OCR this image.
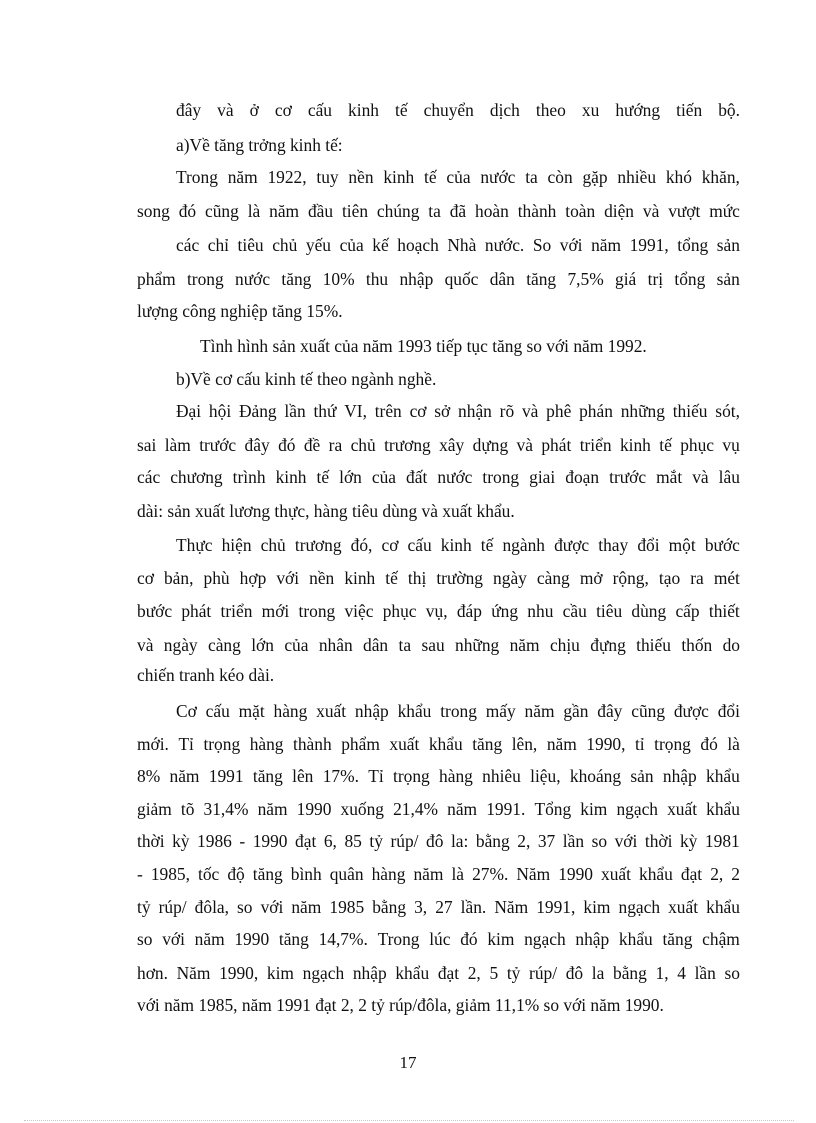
đây và ở cơ cấu kinh tế chuyển dịch theo xu hướng tiến bộ.
a)Về tăng trởng kinh tế:
Trong năm 1922, tuy nền kinh tế của nước ta còn gặp nhiều khó khăn,
song đó cũng là năm đầu tiên chúng ta đã hoàn thành toàn diện và vượt mức
các chỉ tiêu chủ yếu của kế hoạch Nhà nước. So với năm 1991, tổng sản
phẩm trong nước tăng 10% thu nhập quốc dân tăng 7,5% giá trị tổng sản
lượng công nghiệp tăng 15%.
Tình hình sản xuất của năm 1993 tiếp tục tăng so với năm 1992.
b)Về cơ cấu kinh tế theo ngành nghề.
Đại hội Đảng lần thứ VI, trên cơ sở nhận rõ và phê phán những thiếu sót,
sai làm trước đây đó đề ra chủ trương xây dựng và phát triển kinh tế phục vụ
các chương trình kinh tế lớn của đất nước trong giai đoạn trước mắt và lâu
dài: sản xuất lương thực, hàng tiêu dùng và xuất khẩu.
Thực hiện chủ trương đó, cơ cấu kinh tế ngành được thay đổi một bước
cơ bản, phù hợp với nền kinh tế thị trường ngày càng mở rộng, tạo ra mét
bước phát triển mới trong việc phục vụ, đáp ứng nhu cầu tiêu dùng cấp thiết
và ngày càng lớn của nhân dân ta sau những năm chịu đựng thiếu thốn do
chiến tranh kéo dài.
Cơ cấu mặt hàng xuất nhập khẩu trong mấy năm gần đây cũng được đổi
mới. Tỉ trọng hàng thành phẩm xuất khẩu tăng lên, năm 1990, tỉ trọng đó là
8% năm 1991 tăng lên 17%. Tỉ trọng hàng nhiêu liệu, khoáng sản nhập khẩu
giảm tõ 31,4% năm 1990 xuống 21,4% năm 1991. Tổng kim ngạch xuất khẩu
thời kỳ 1986 - 1990 đạt 6, 85 tỷ rúp/ đô la: bằng 2, 37 lần so với thời kỳ 1981
- 1985, tốc độ tăng bình quân hàng năm là 27%. Năm 1990 xuất khẩu đạt 2, 2
tỷ rúp/ đôla, so với năm 1985 bằng 3, 27 lần. Năm 1991, kim ngạch xuất khẩu
so với năm 1990 tăng 14,7%. Trong lúc đó kim ngạch nhập khẩu tăng chậm
hơn. Năm 1990, kim ngạch nhập khẩu đạt 2, 5 tỷ rúp/ đô la bằng 1, 4 lần so
với năm 1985, năm 1991 đạt 2, 2 tỷ rúp/đôla, giảm 11,1% so với năm 1990.
17
